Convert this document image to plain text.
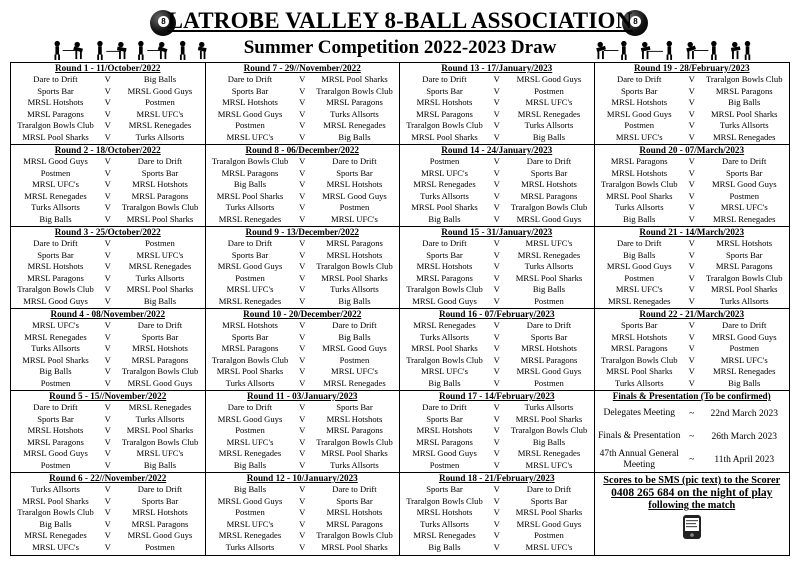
8	8
LATROBE VALLEY 8-BALL ASSOCIATION
Summer Competition 2022-2023 Draw
Round 1 - 11/October/2022
Dare to Drift	V	Big Balls
Sports Bar	V	MRSL Good Guys
MRSL Hotshots	V	Postmen
MRSL Paragons	V	MRSL UFC's
Traralgon Bowls Club	V	MRSL Renegades
MRSL Pool Sharks	V	Turks Allsorts
Round 7 - 29//November/2022
Dare to Drift	V	MRSL Pool Sharks
Sports Bar	V	Traralgon Bowls Club
MRSL Hotshots	V	MRSL Paragons
MRSL Good Guys	V	Turks Allsorts
Postmen	V	MRSL Renegades
MRSL UFC's	V	Big Balls
Round 13 - 17/January/2023
Dare to Drift	V	MRSL Good Guys
Sports Bar	V	Postmen
MRSL Hotshots	V	MRSL UFC's
MRSL Paragons	V	MRSL Renegades
Traralgon Bowls Club	V	Turks Allsorts
MRSL Pool Sharks	V	Big Balls
Round 19 - 28/February/2023
Dare to Drift	V	Traralgon Bowls Club
Sports Bar	V	MRSL Paragons
MRSL Hotshots	V	Big Balls
MRSL Good Guys	V	MRSL Pool Sharks
Postmen	V	Turks Allsorts
MRSL UFC's	V	MRSL Renegades
Round 2 - 18/October/2022
MRSL Good Guys	V	Dare to Drift
Postmen	V	Sports Bar
MRSL UFC's	V	MRSL Hotshots
MRSL Renegades	V	MRSL Paragons
Turks Allsorts	V	Traralgon Bowls Club
Big Balls	V	MRSL Pool Sharks
Round 8 - 06/December/2022
Traralgon Bowls Club	V	Dare to Drift
MRSL Paragons	V	Sports Bar
Big Balls	V	MRSL Hotshots
MRSL Pool Sharks	V	MRSL Good Guys
Turks Allsorts	V	Postmen
MRSL Renegades	V	MRSL UFC's
Round 14 - 24/January/2023
Postmen	V	Dare to Drift
MRSL UFC's	V	Sports Bar
MRSL Renegades	V	MRSL Hotshots
Turks Allsorts	V	MRSL Paragons
MRSL Pool Sharks	V	Traralgon Bowls Club
Big Balls	V	MRSL Good Guys
Round 20 - 07/March/2023
MRSL Paragons	V	Dare to Drift
MRSL Hotshots	V	Sports Bar
Traralgon Bowls Club	V	MRSL Good Guys
MRSL Pool Sharks	V	Postmen
Turks Allsorts	V	MRSL UFC's
Big Balls	V	MRSL Renegades
Round 3 - 25/October/2022
Dare to Drift	V	Postmen
Sports Bar	V	MRSL UFC's
MRSL Hotshots	V	MRSL Renegades
MRSL Paragons	V	Turks Allsorts
Traralgon Bowls Club	V	MRSL Pool Sharks
MRSL Good Guys	V	Big Balls
Round 9 - 13/December/2022
Dare to Drift	V	MRSL Paragons
Sports Bar	V	MRSL Hotshots
MRSL Good Guys	V	Traralgon Bowls Club
Postmen	V	MRSL Pool Sharks
MRSL UFC's	V	Turks Allsorts
MRSL Renegades	V	Big Balls
Round 15 - 31/January/2023
Dare to Drift	V	MRSL UFC's
Sports Bar	V	MRSL Renegades
MRSL Hotshots	V	Turks Allsorts
MRSL Paragons	V	MRSL Pool Sharks
Traralgon Bowls Club	V	Big Balls
MRSL Good Guys	V	Postmen
Round 21 - 14/March/2023
Dare to Drift	V	MRSL Hotshots
Big Balls	V	Sports Bar
MRSL Good Guys	V	MRSL Paragons
Postmen	V	Traralgon Bowls Club
MRSL UFC's	V	MRSL Pool Sharks
MRSL Renegades	V	Turks Allsorts
Round 4 - 08/November/2022
MRSL UFC's	V	Dare to Drift
MRSL Renegades	V	Sports Bar
Turks Allsorts	V	MRSL Hotshots
MRSL Pool Sharks	V	MRSL Paragons
Big Balls	V	Traralgon Bowls Club
Postmen	V	MRSL Good Guys
Round 10 - 20/December/2022
MRSL Hotshots	V	Dare to Drift
Sports Bar	V	Big Balls
MRSL Paragons	V	MRSL Good Guys
Traralgon Bowls Club	V	Postmen
MRSL Pool Sharks	V	MRSL UFC's
Turks Allsorts	V	MRSL Renegades
Round 16 - 07/February/2023
MRSL Renegades	V	Dare to Drift
Turks Allsorts	V	Sports Bar
MRSL Pool Sharks	V	MRSL Hotshots
Traralgon Bowls Club	V	MRSL Paragons
MRSL UFC's	V	MRSL Good Guys
Big Balls	V	Postmen
Round 22 - 21/March/2023
Sports Bar	V	Dare to Drift
MRSL Hotshots	V	MRSL Good Guys
MRSL Paragons	V	Postmen
Traralgon Bowls Club	V	MRSL UFC's
MRSL Pool Sharks	V	MRSL Renegades
Turks Allsorts	V	Big Balls
Round 5 - 15//November/2022
Dare to Drift	V	MRSL Renegades
Sports Bar	V	Turks Allsorts
MRSL Hotshots	V	MRSL Pool Sharks
MRSL Paragons	V	Traralgon Bowls Club
MRSL Good Guys	V	MRSL UFC's
Postmen	V	Big Balls
Round 11 - 03/January/2023
Dare to Drift	V	Sports Bar
MRSL Good Guys	V	MRSL Hotshots
Postmen	V	MRSL Paragons
MRSL UFC's	V	Traralgon Bowls Club
MRSL Renegades	V	MRSL Pool Sharks
Big Balls	V	Turks Allsorts
Round 17 - 14/February/2023
Dare to Drift	V	Turks Allsorts
Sports Bar	V	MRSL Pool Sharks
MRSL Hotshots	V	Traralgon Bowls Club
MRSL Paragons	V	Big Balls
MRSL Good Guys	V	MRSL Renegades
Postmen	V	MRSL UFC's
Finals & Presentation (To be confirmed)
Delegates Meeting	~	22nd March 2023
Finals & Presentation ~	26th March 2023
47th Annual General Meeting	~	11th April 2023
Round 6 - 22//November/2022
Turks Allsorts	V	Dare to Drift
MRSL Pool Sharks	V	Sports Bar
Traralgon Bowls Club	V	MRSL Hotshots
Big Balls	V	MRSL Paragons
MRSL Renegades	V	MRSL Good Guys
MRSL UFC's	V	Postmen
Round 12 - 10/January/2023
Big Balls	V	Dare to Drift
MRSL Good Guys	V	Sports Bar
Postmen	V	MRSL Hotshots
MRSL UFC's	V	MRSL Paragons
MRSL Renegades	V	Traralgon Bowls Club
Turks Allsorts	V	MRSL Pool Sharks
Round 18 - 21/February/2023
Sports Bar	V	Dare to Drift
Traralgon Bowls Club	V	Sports Bar
MRSL Hotshots	V	MRSL Pool Sharks
Turks Allsorts	V	MRSL Good Guys
MRSL Renegades	V	Postmen
Big Balls	V	MRSL UFC's
Scores to be SMS (pic text) to the Scorer
0408 265 684 on the night of play
following the match
